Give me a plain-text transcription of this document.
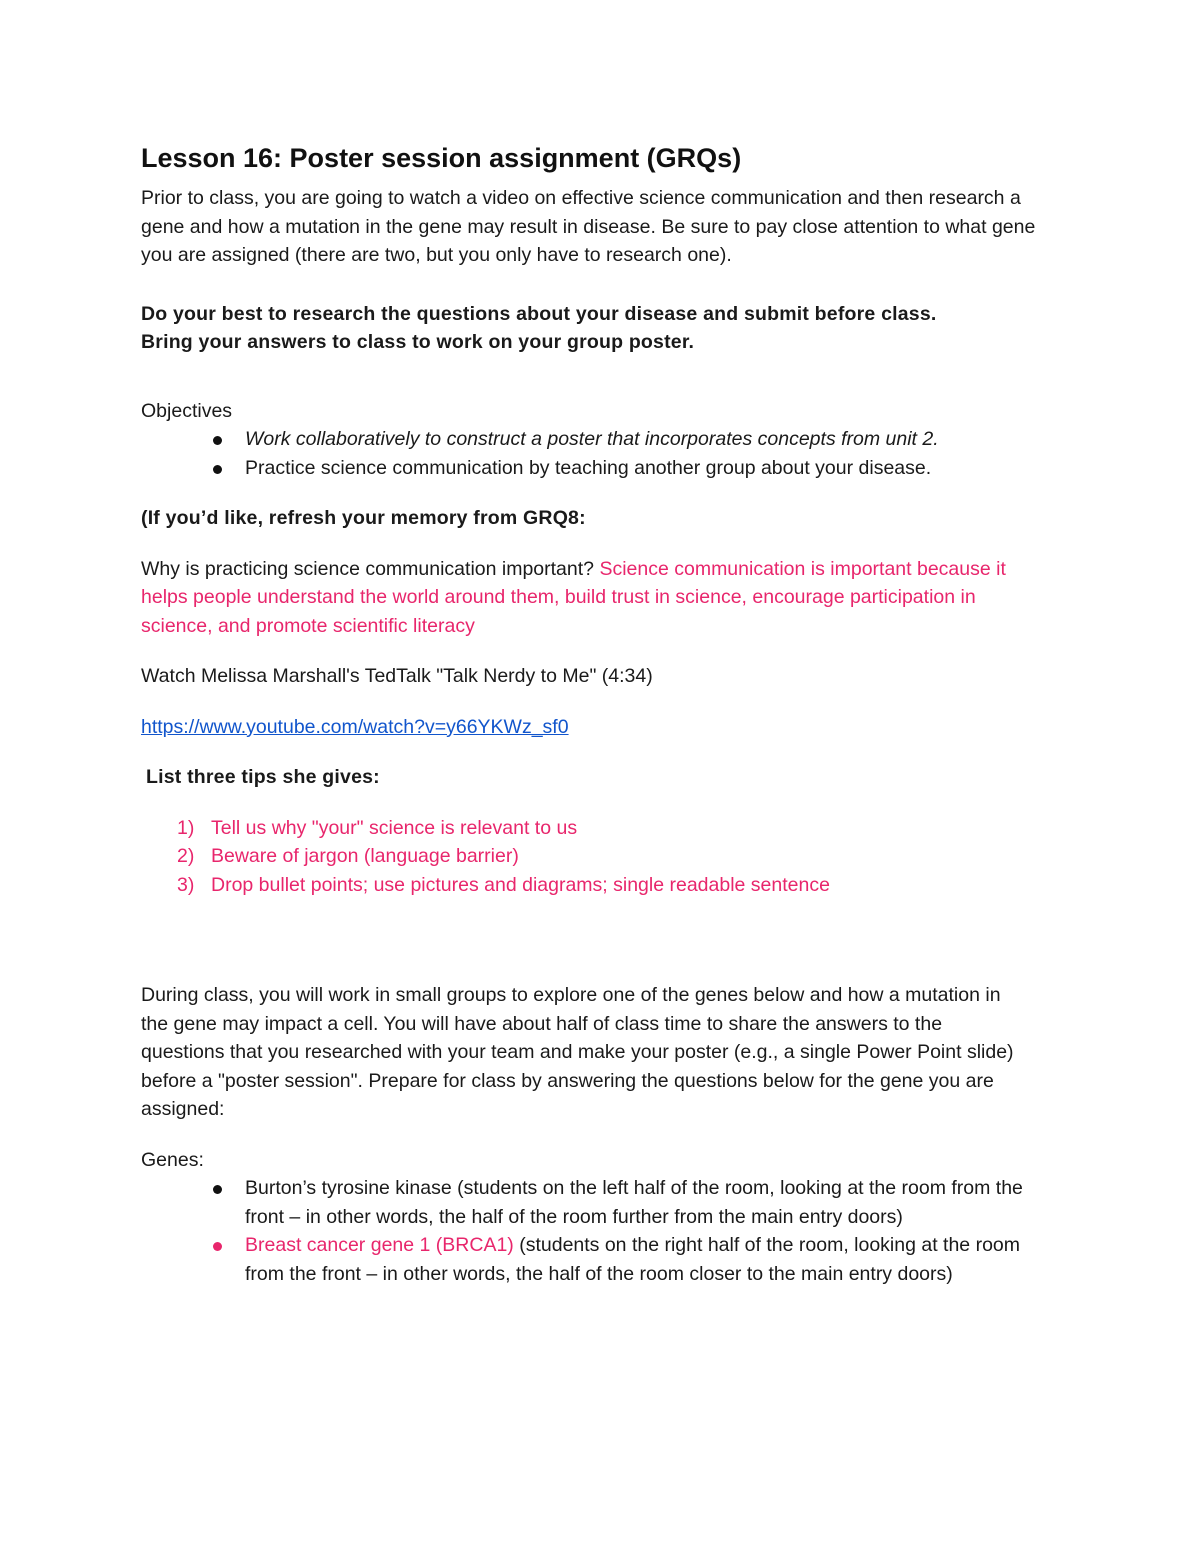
Lesson 16: Poster session assignment (GRQs)

Prior to class, you are going to watch a video on effective science communication and then research a gene and how a mutation in the gene may result in disease. Be sure to pay close attention to what gene you are assigned (there are two, but you only have to research one).

Do your best to research the questions about your disease and submit before class.

Bring your answers to class to work on your group poster.

Objectives

Work collaboratively to construct a poster that incorporates concepts from unit 2.
Practice science communication by teaching another group about your disease.

(If you’d like, refresh your memory from GRQ8:

Why is practicing science communication important? Science communication is important because it helps people understand the world around them, build trust in science, encourage participation in science, and promote scientific literacy

Watch Melissa Marshall's TedTalk "Talk Nerdy to Me" (4:34)

https://www.youtube.com/watch?v=y66YKWz_sf0

List three tips she gives:

1) Tell us why "your" science is relevant to us
2) Beware of jargon (language barrier)
3) Drop bullet points; use pictures and diagrams; single readable sentence

During class, you will work in small groups to explore one of the genes below and how a mutation in the gene may impact a cell. You will have about half of class time to share the answers to the questions that you researched with your team and make your poster (e.g., a single Power Point slide) before a "poster session". Prepare for class by answering the questions below for the gene you are assigned:

Genes:

Burton’s tyrosine kinase (students on the left half of the room, looking at the room from the front – in other words, the half of the room further from the main entry doors)
Breast cancer gene 1 (BRCA1) (students on the right half of the room, looking at the room from the front – in other words, the half of the room closer to the main entry doors)
